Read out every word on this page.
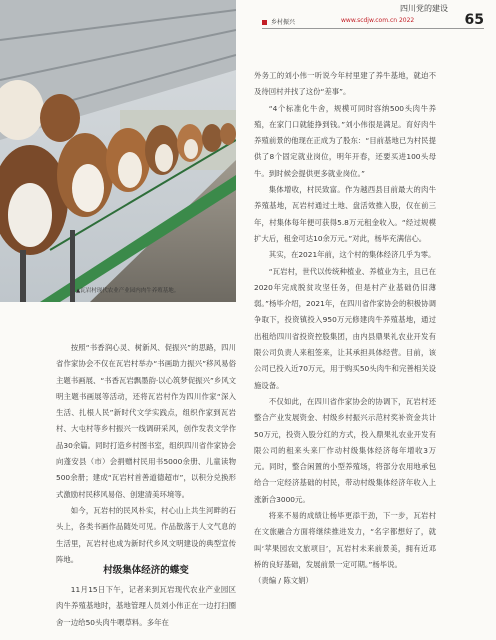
四川党的建设
乡村振兴	www.scdjw.com.cn 2022	65
▲瓦岩村现代农业产业园内肉牛养殖基地。

按照“书香润心灵、树新风、促振兴”的思路，四川省作家协会不仅在瓦岩村举办“书画助力振兴”移风易俗主题书画展、“书香瓦岩飘墨韵·以心筑梦促振兴”乡风文明主题书画展等活动，还将瓦岩村作为四川作家“深入生活、扎根人民”新时代文学实践点，组织作家到瓦岩村、大屯村等乡村振兴一线调研采风，创作发表文学作品30余篇。同时打造乡村图书室，组织四川省作家协会向蓬安县（市）会捐赠村民用书5000余册、儿童读物500余册；建成“瓦岩村首善道德超市”，以积分兑换形式激励村民移风易俗、创建清美环境等。

如今，瓦岩村的民风朴实，村心山上共生河畔的石头上，各类书画作品随处可见。作品散落于人文气息的生活里，瓦岩村也成为新时代乡风文明建设的典型宣传阵地。

村级集体经济的蝶变

11月15日下午，记者来到瓦岩现代农业产业园区肉牛养殖基地时，基地管理人员刘小伟正在一边打扫圈舍一边给50头肉牛喂草料。多年在

外务工的刘小伟一听说今年村里建了养牛基地，就迫不及待回村并找了这份“差事”。

“4个标准化牛舍，规模可同时容纳500头肉牛养殖，在家门口就能挣到钱。”刘小伟很是满足。育好肉牛养殖前景的他现在正成为了股东：“目前基地已为村民提供了8个固定就业岗位，明年开春，还要买进100头母牛。到时候会提供更多就业岗位。”

集体增收，村民致富。作为越西县目前最大的肉牛养殖基地，瓦岩村通过土地、盘活效推入股，仅在前三年，村集体每年便可获得5.8万元租金收入。“经过规模扩大后，租金可达10余万元。”对此，杨毕充满信心。

其实，在2021年前，这个村的集体经济几乎为零。

“瓦岩村，世代以传统种植业、养植业为主，且已在2020年完成脱贫攻坚任务，但是村产业基础仍旧薄弱。”杨毕介绍，2021年，在四川省作家协会的积极协调争取下，投资镇投入950万元修建肉牛养殖基地，通过出租给四川省投资控股集团，由内县鼎果礼农业开发有限公司负责人来租签来，让其承担具体经营。目前，该公司已投入近70万元，用于购买50头肉牛和完善相关设施设备。

不仅如此，在四川省作家协会的协调下，瓦岩村还整合产业发展资金、村级乡村振兴示范村奖补资金共计50万元，投资入股分红的方式，投入鼎果礼农业开发有限公司的租来头来厂作动村级集体经济每年增收3万元。同时，整合闲置的小型养殖场，将部分农用地承包给合一定经济基础的村民，带动村级集体经济年收入上涨新合3000元。

将来不易的成绩让杨毕更添干劲，下一步，瓦岩村在文旅融合方面将继续推进发力，“名字都想好了，就叫‘苹果园农文旅项目’，瓦岩村未来前景美，拥有近邓桥的良好基础，发展前景一定可期。”杨毕说。

（责编 / 陈文娟）
